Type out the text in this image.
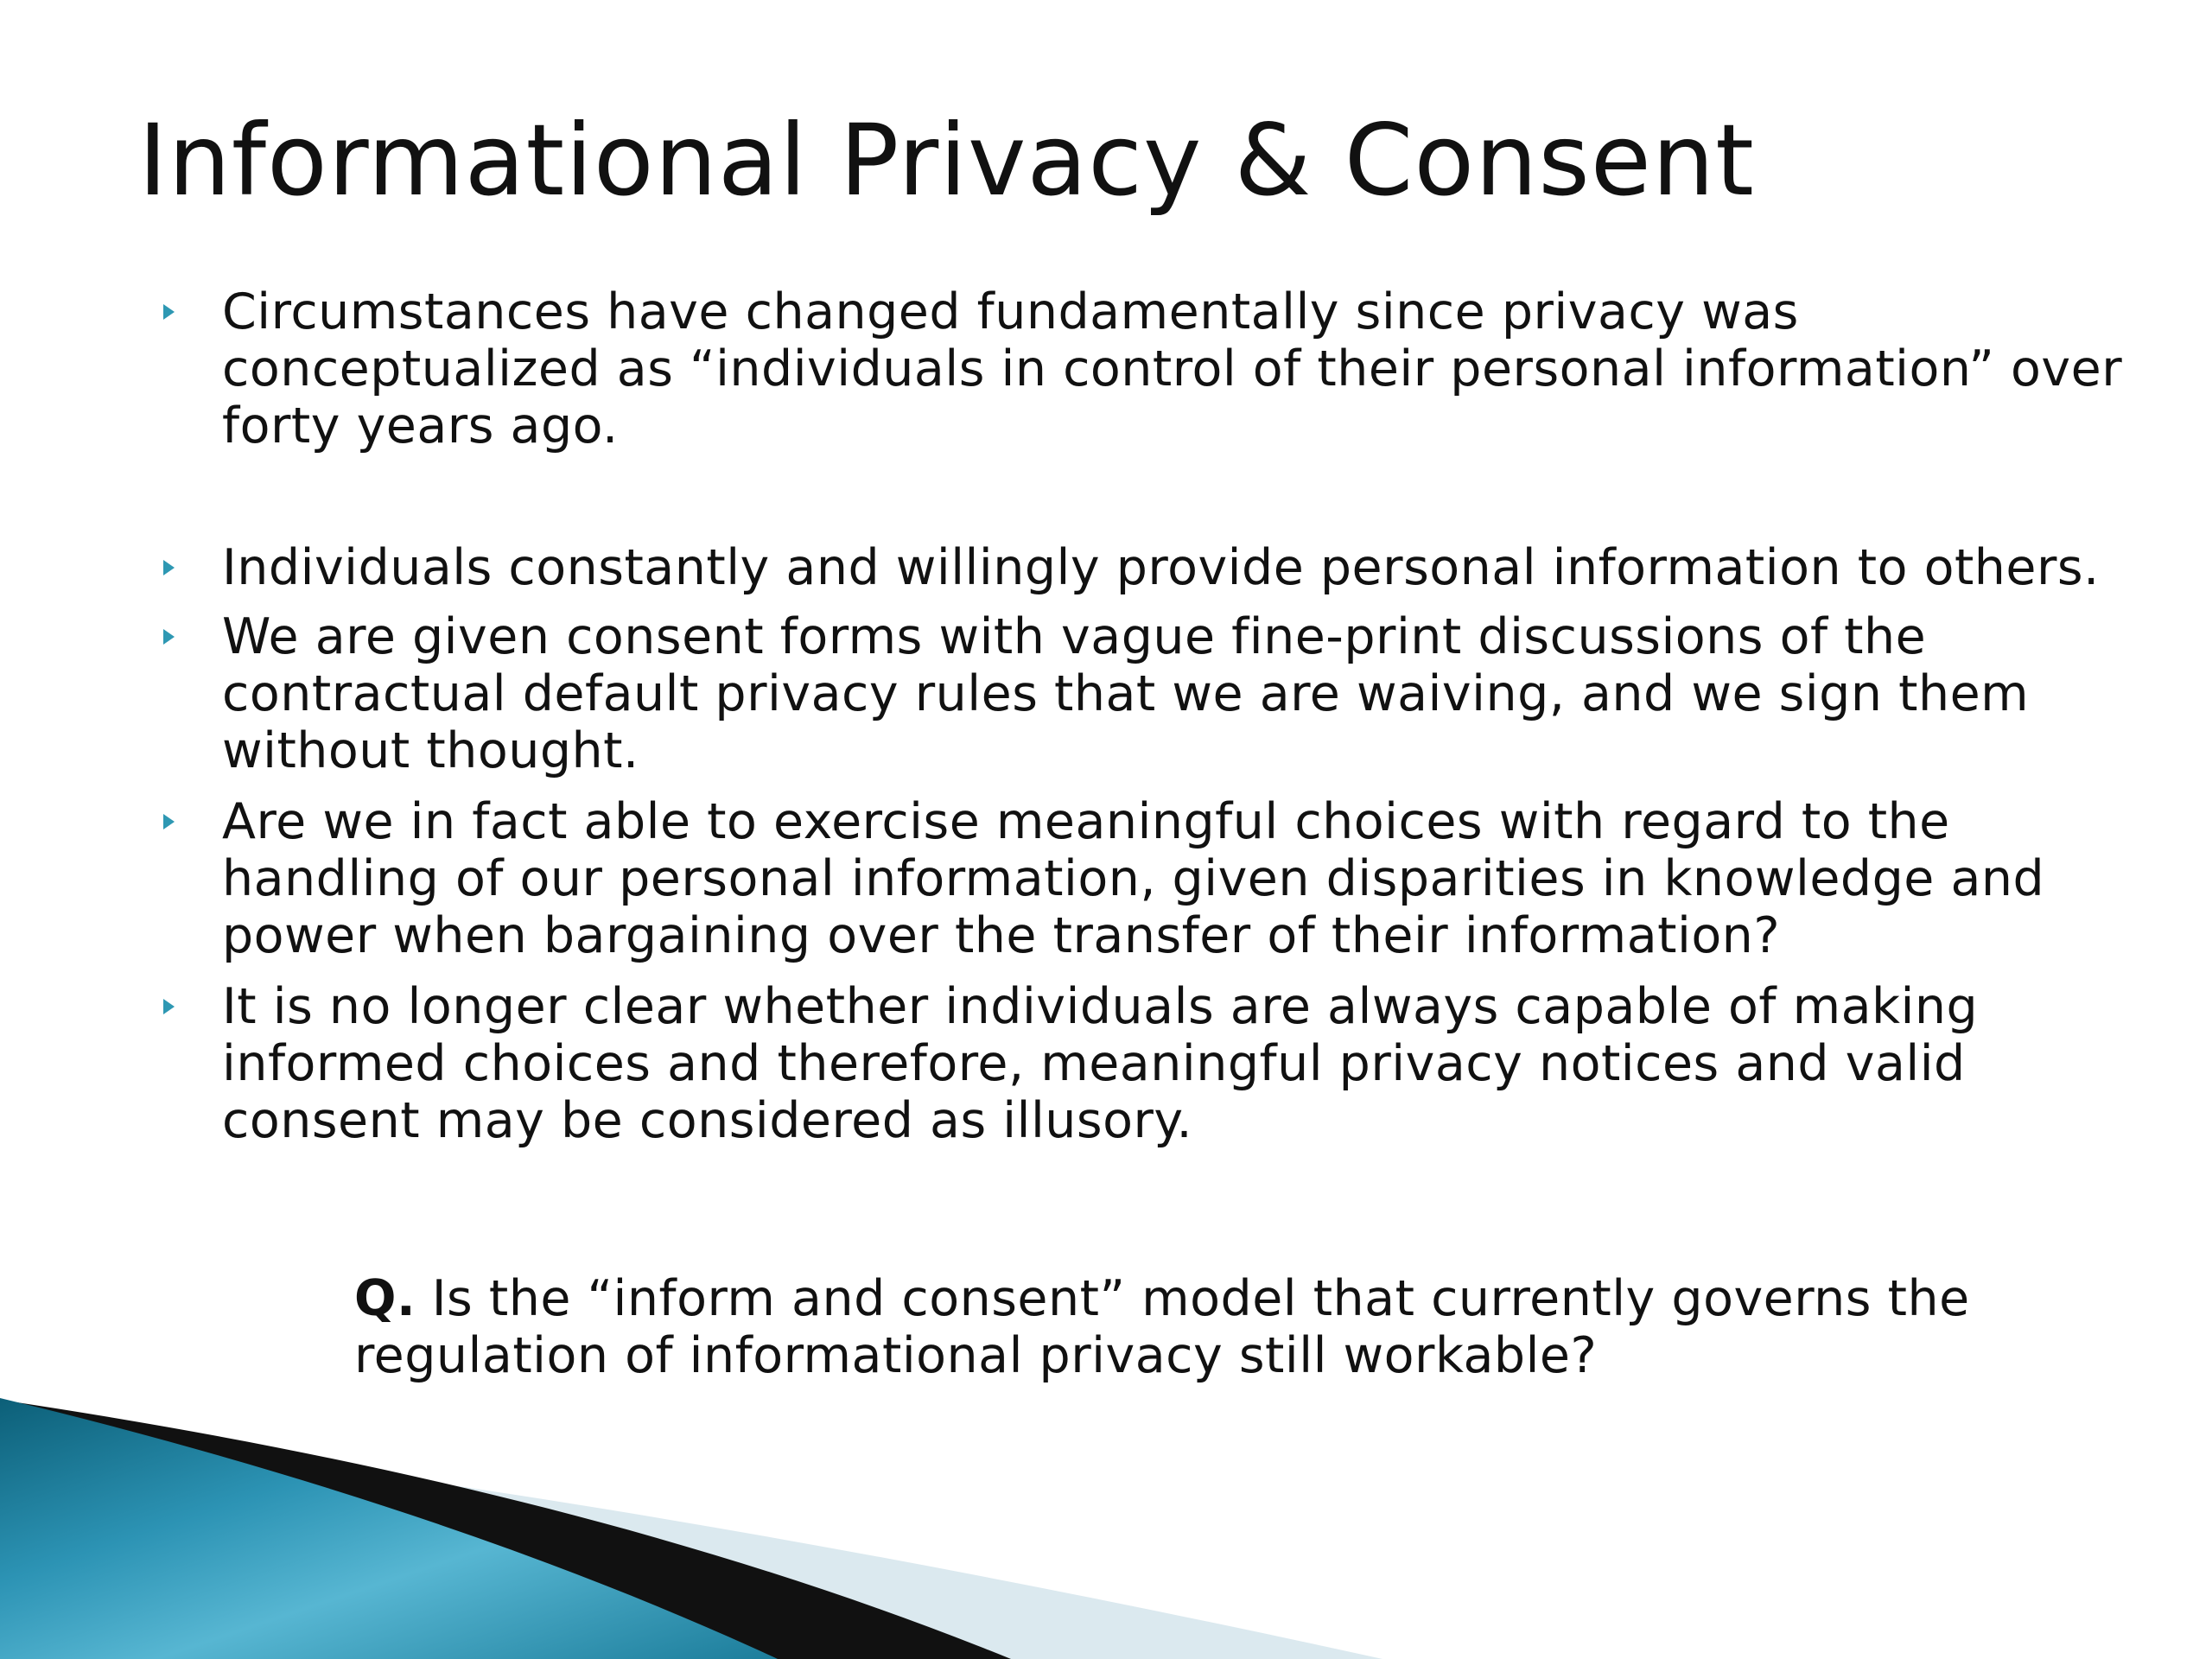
Informational Privacy & Consent
Circumstances have changed fundamentally since privacy was conceptualized as “individuals in control of their personal information” over forty years ago.
Individuals constantly and willingly provide personal information to others.
We are given consent forms with vague fine-print discussions of the contractual default privacy rules that we are waiving, and we sign them without thought.
Are we in fact able to exercise meaningful choices with regard to the handling of our personal information, given disparities in knowledge and power when bargaining over the transfer of their information?
It is no longer clear whether individuals are always capable of making informed choices and therefore, meaningful privacy notices and valid consent may be considered as illusory.

Q. Is the “inform and consent” model that currently governs the regulation of informational privacy still workable?
